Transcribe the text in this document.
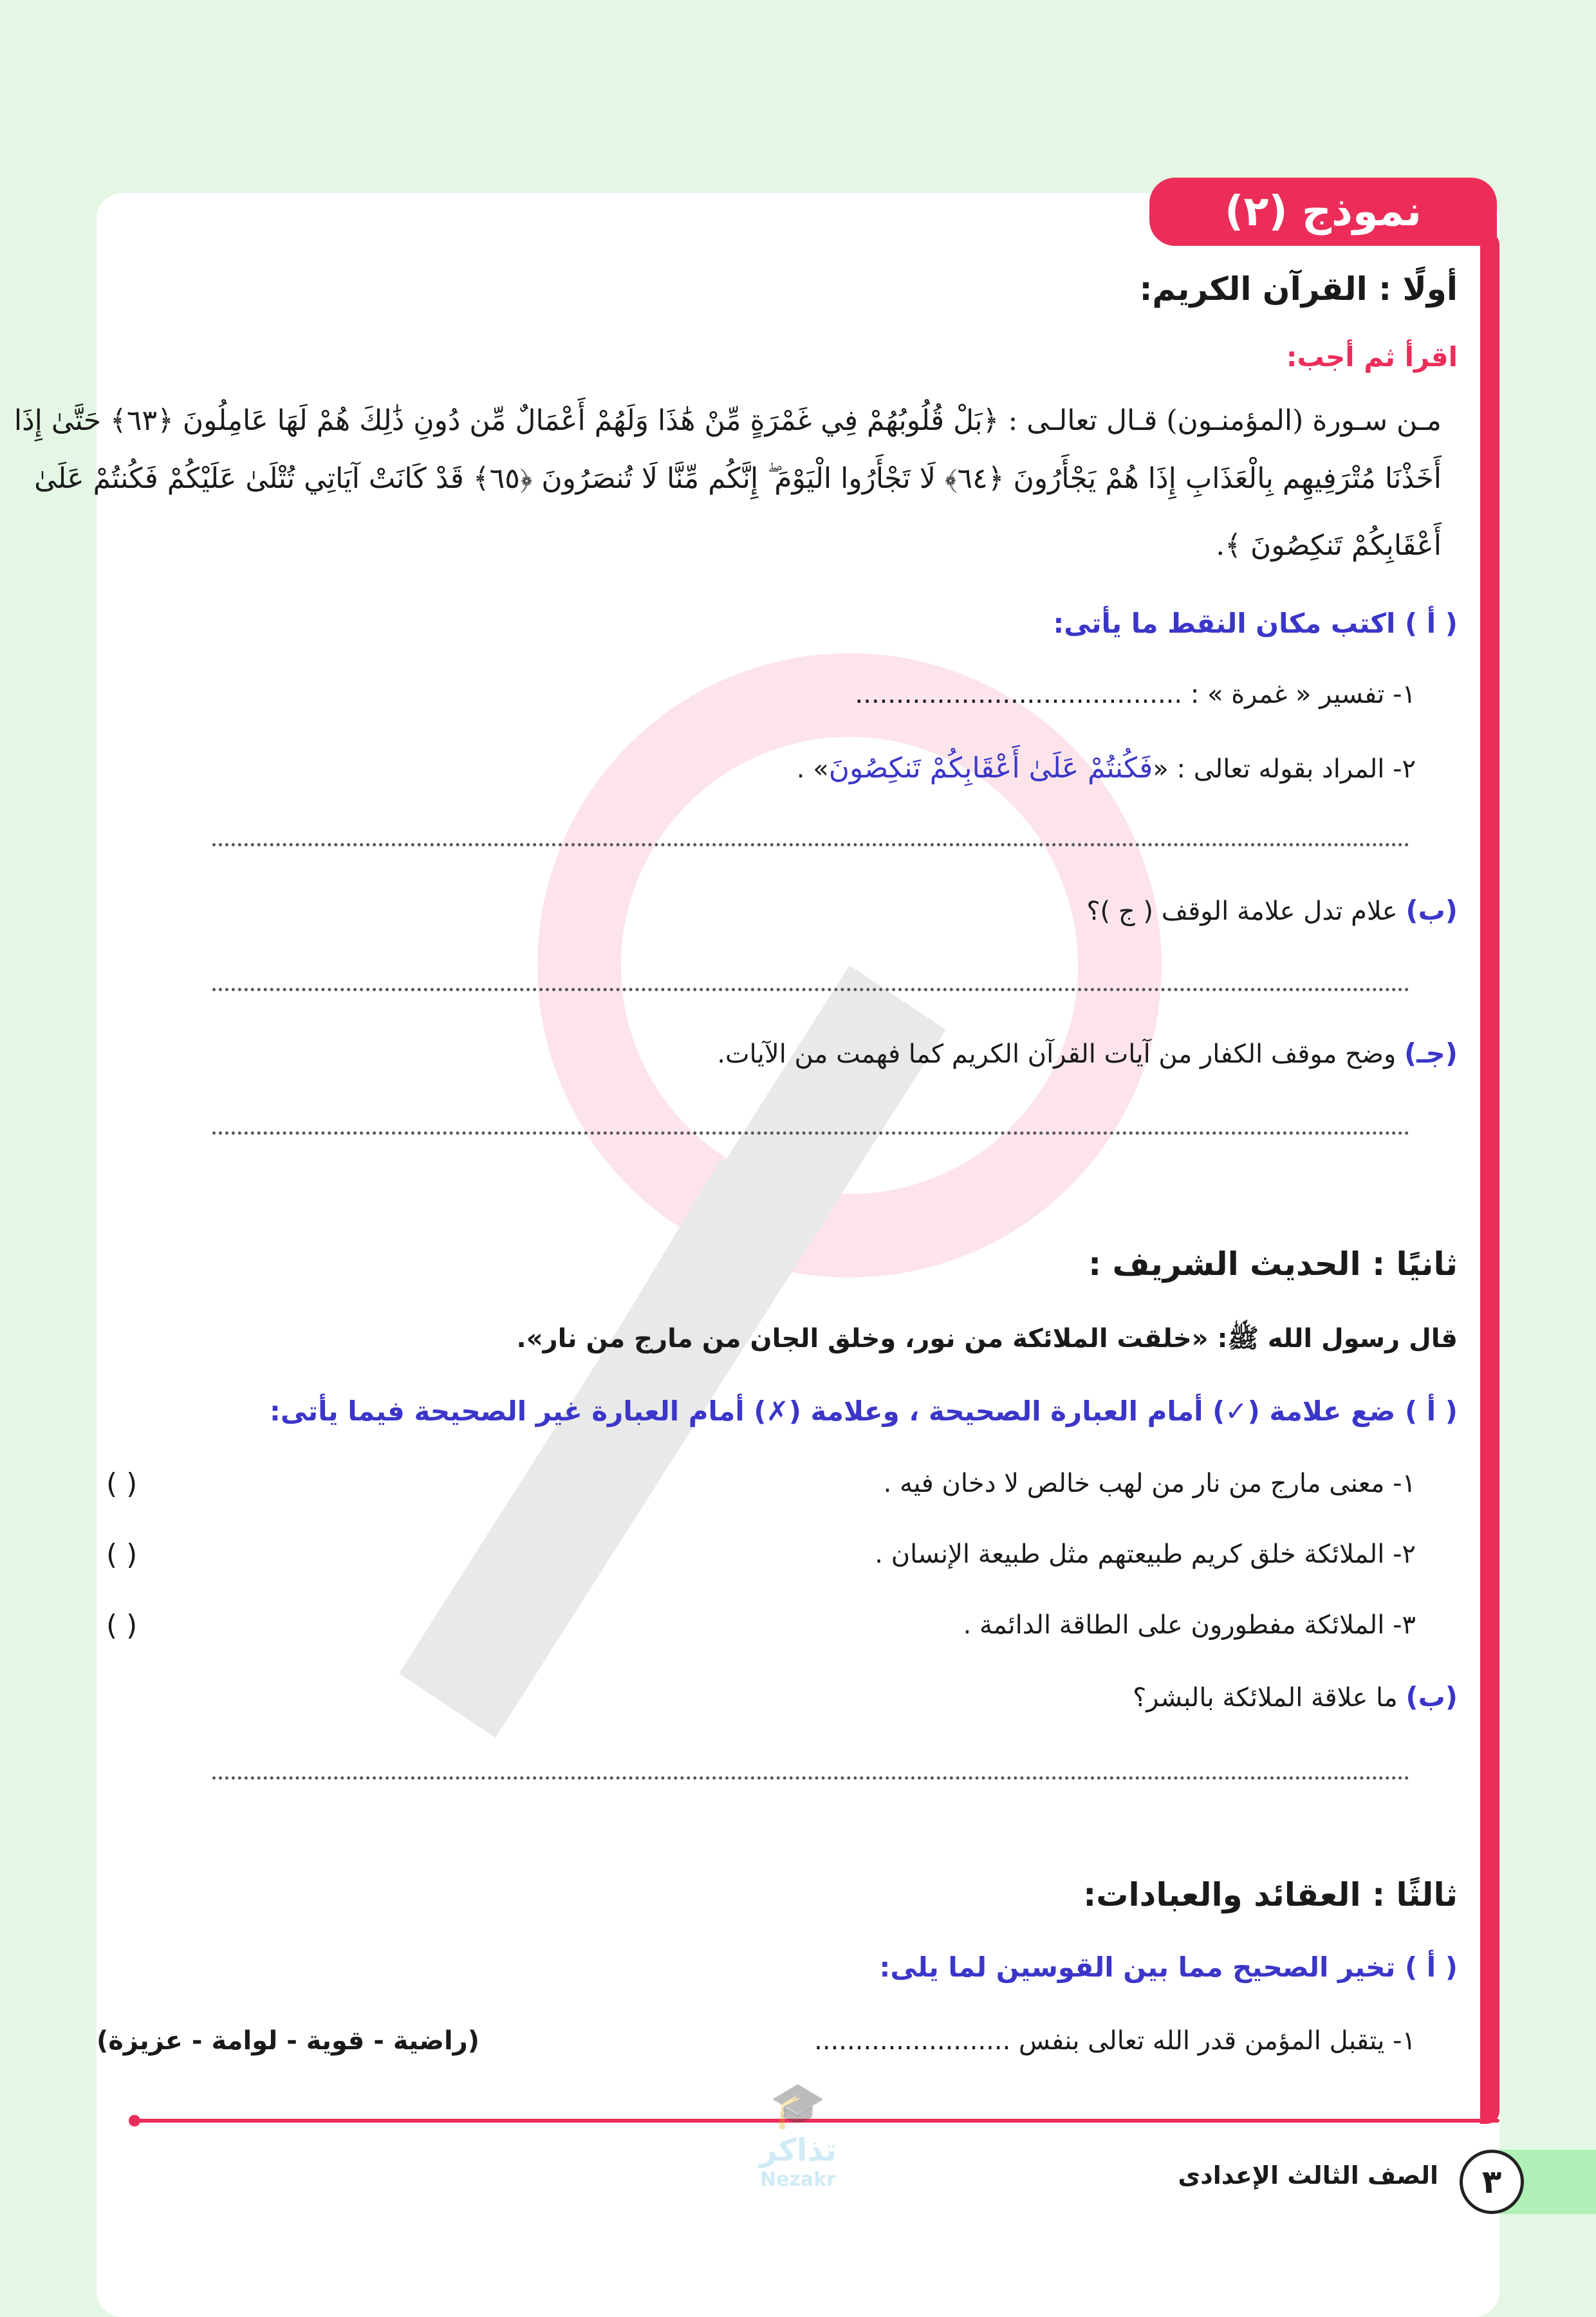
نموذج (٢)
أولًا : القرآن الكريم:
اقرأ ثم أجب:
مـن سـورة (المؤمنـون) قـال تعالـى : ﴿بَلْ قُلُوبُهُمْ فِي غَمْرَةٍ مِّنْ هَٰذَا وَلَهُمْ أَعْمَالٌ مِّن دُونِ ذَٰلِكَ هُمْ لَهَا عَامِلُونَ ﴿٦٣﴾ حَتَّىٰ إِذَا
أَخَذْنَا مُتْرَفِيهِم بِالْعَذَابِ إِذَا هُمْ يَجْأَرُونَ ﴿٦٤﴾ لَا تَجْأَرُوا الْيَوْمَ ۖ إِنَّكُم مِّنَّا لَا تُنصَرُونَ ﴿٦٥﴾ قَدْ كَانَتْ آيَاتِي تُتْلَىٰ عَلَيْكُمْ فَكُنتُمْ عَلَىٰ
أَعْقَابِكُمْ تَنكِصُونَ ﴾.
( أ ) اكتب مكان النقط ما يأتى:
١- تفسير « غمرة » : ........................................
٢- المراد بقوله تعالى : «فَكُنتُمْ عَلَىٰ أَعْقَابِكُمْ تَنكِصُونَ» .
(ب) علام تدل علامة الوقف ( ج )؟
(جـ) وضح موقف الكفار من آيات القرآن الكريم كما فهمت من الآيات.
ثانيًا : الحديث الشريف :
قال رسول الله ﷺ: «خلقت الملائكة من نور، وخلق الجان من مارج من نار».
( أ ) ضع علامة (✓) أمام العبارة الصحيحة ، وعلامة (✗) أمام العبارة غير الصحيحة فيما يأتى:
١- معنى مارج من نار من لهب خالص لا دخان فيه .
( )
٢- الملائكة خلق كريم طبيعتهم مثل طبيعة الإنسان .
( )
٣- الملائكة مفطورون على الطاقة الدائمة .
( )
(ب) ما علاقة الملائكة بالبشر؟
ثالثًا : العقائد والعبادات:
( أ ) تخير الصحيح مما بين القوسين لما يلى:
١- يتقبل المؤمن قدر الله تعالى بنفس ........................
(راضية - قوية - لوامة - عزيزة)
🎓
تذاكر
Nezakr	٣
الصف الثالث الإعدادى
